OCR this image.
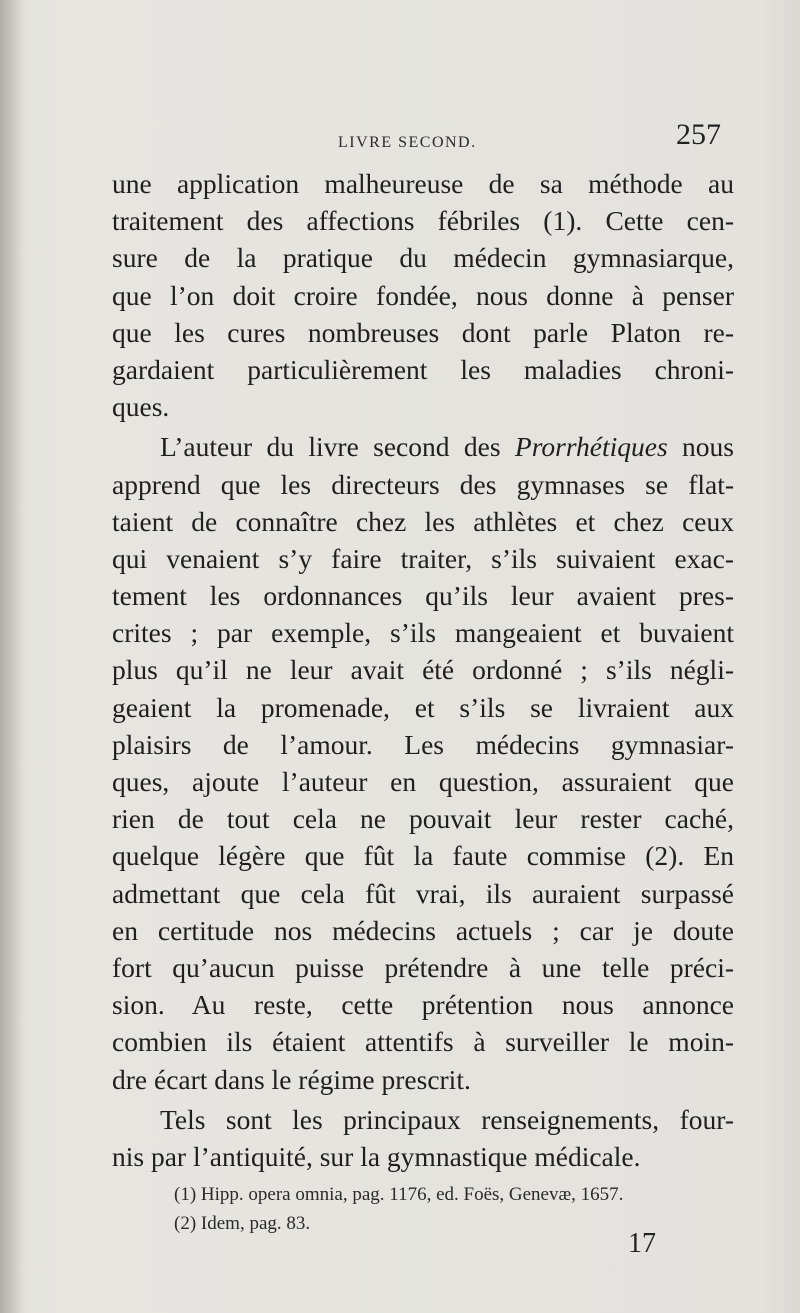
LIVRE SECOND.	257
une application malheureuse de sa méthode au
traitement des affections fébriles (1). Cette cen-
sure de la pratique du médecin gymnasiarque,
que l’on doit croire fondée, nous donne à penser
que les cures nombreuses dont parle Platon re-
gardaient particulièrement les maladies chroni-
ques.
L’auteur du livre second des Prorrhétiques nous
apprend que les directeurs des gymnases se flat-
taient de connaître chez les athlètes et chez ceux
qui venaient s’y faire traiter, s’ils suivaient exac-
tement les ordonnances qu’ils leur avaient pres-
crites ; par exemple, s’ils mangeaient et buvaient
plus qu’il ne leur avait été ordonné ; s’ils négli-
geaient la promenade, et s’ils se livraient aux
plaisirs de l’amour. Les médecins gymnasiar-
ques, ajoute l’auteur en question, assuraient que
rien de tout cela ne pouvait leur rester caché,
quelque légère que fût la faute commise (2). En
admettant que cela fût vrai, ils auraient surpassé
en certitude nos médecins actuels ; car je doute
fort qu’aucun puisse prétendre à une telle préci-
sion. Au reste, cette prétention nous annonce
combien ils étaient attentifs à surveiller le moin-
dre écart dans le régime prescrit.
Tels sont les principaux renseignements, four-
nis par l’antiquité, sur la gymnastique médicale.
(1) Hipp. opera omnia, pag. 1176, ed. Foës, Genevæ, 1657.
(2) Idem, pag. 83.
17
